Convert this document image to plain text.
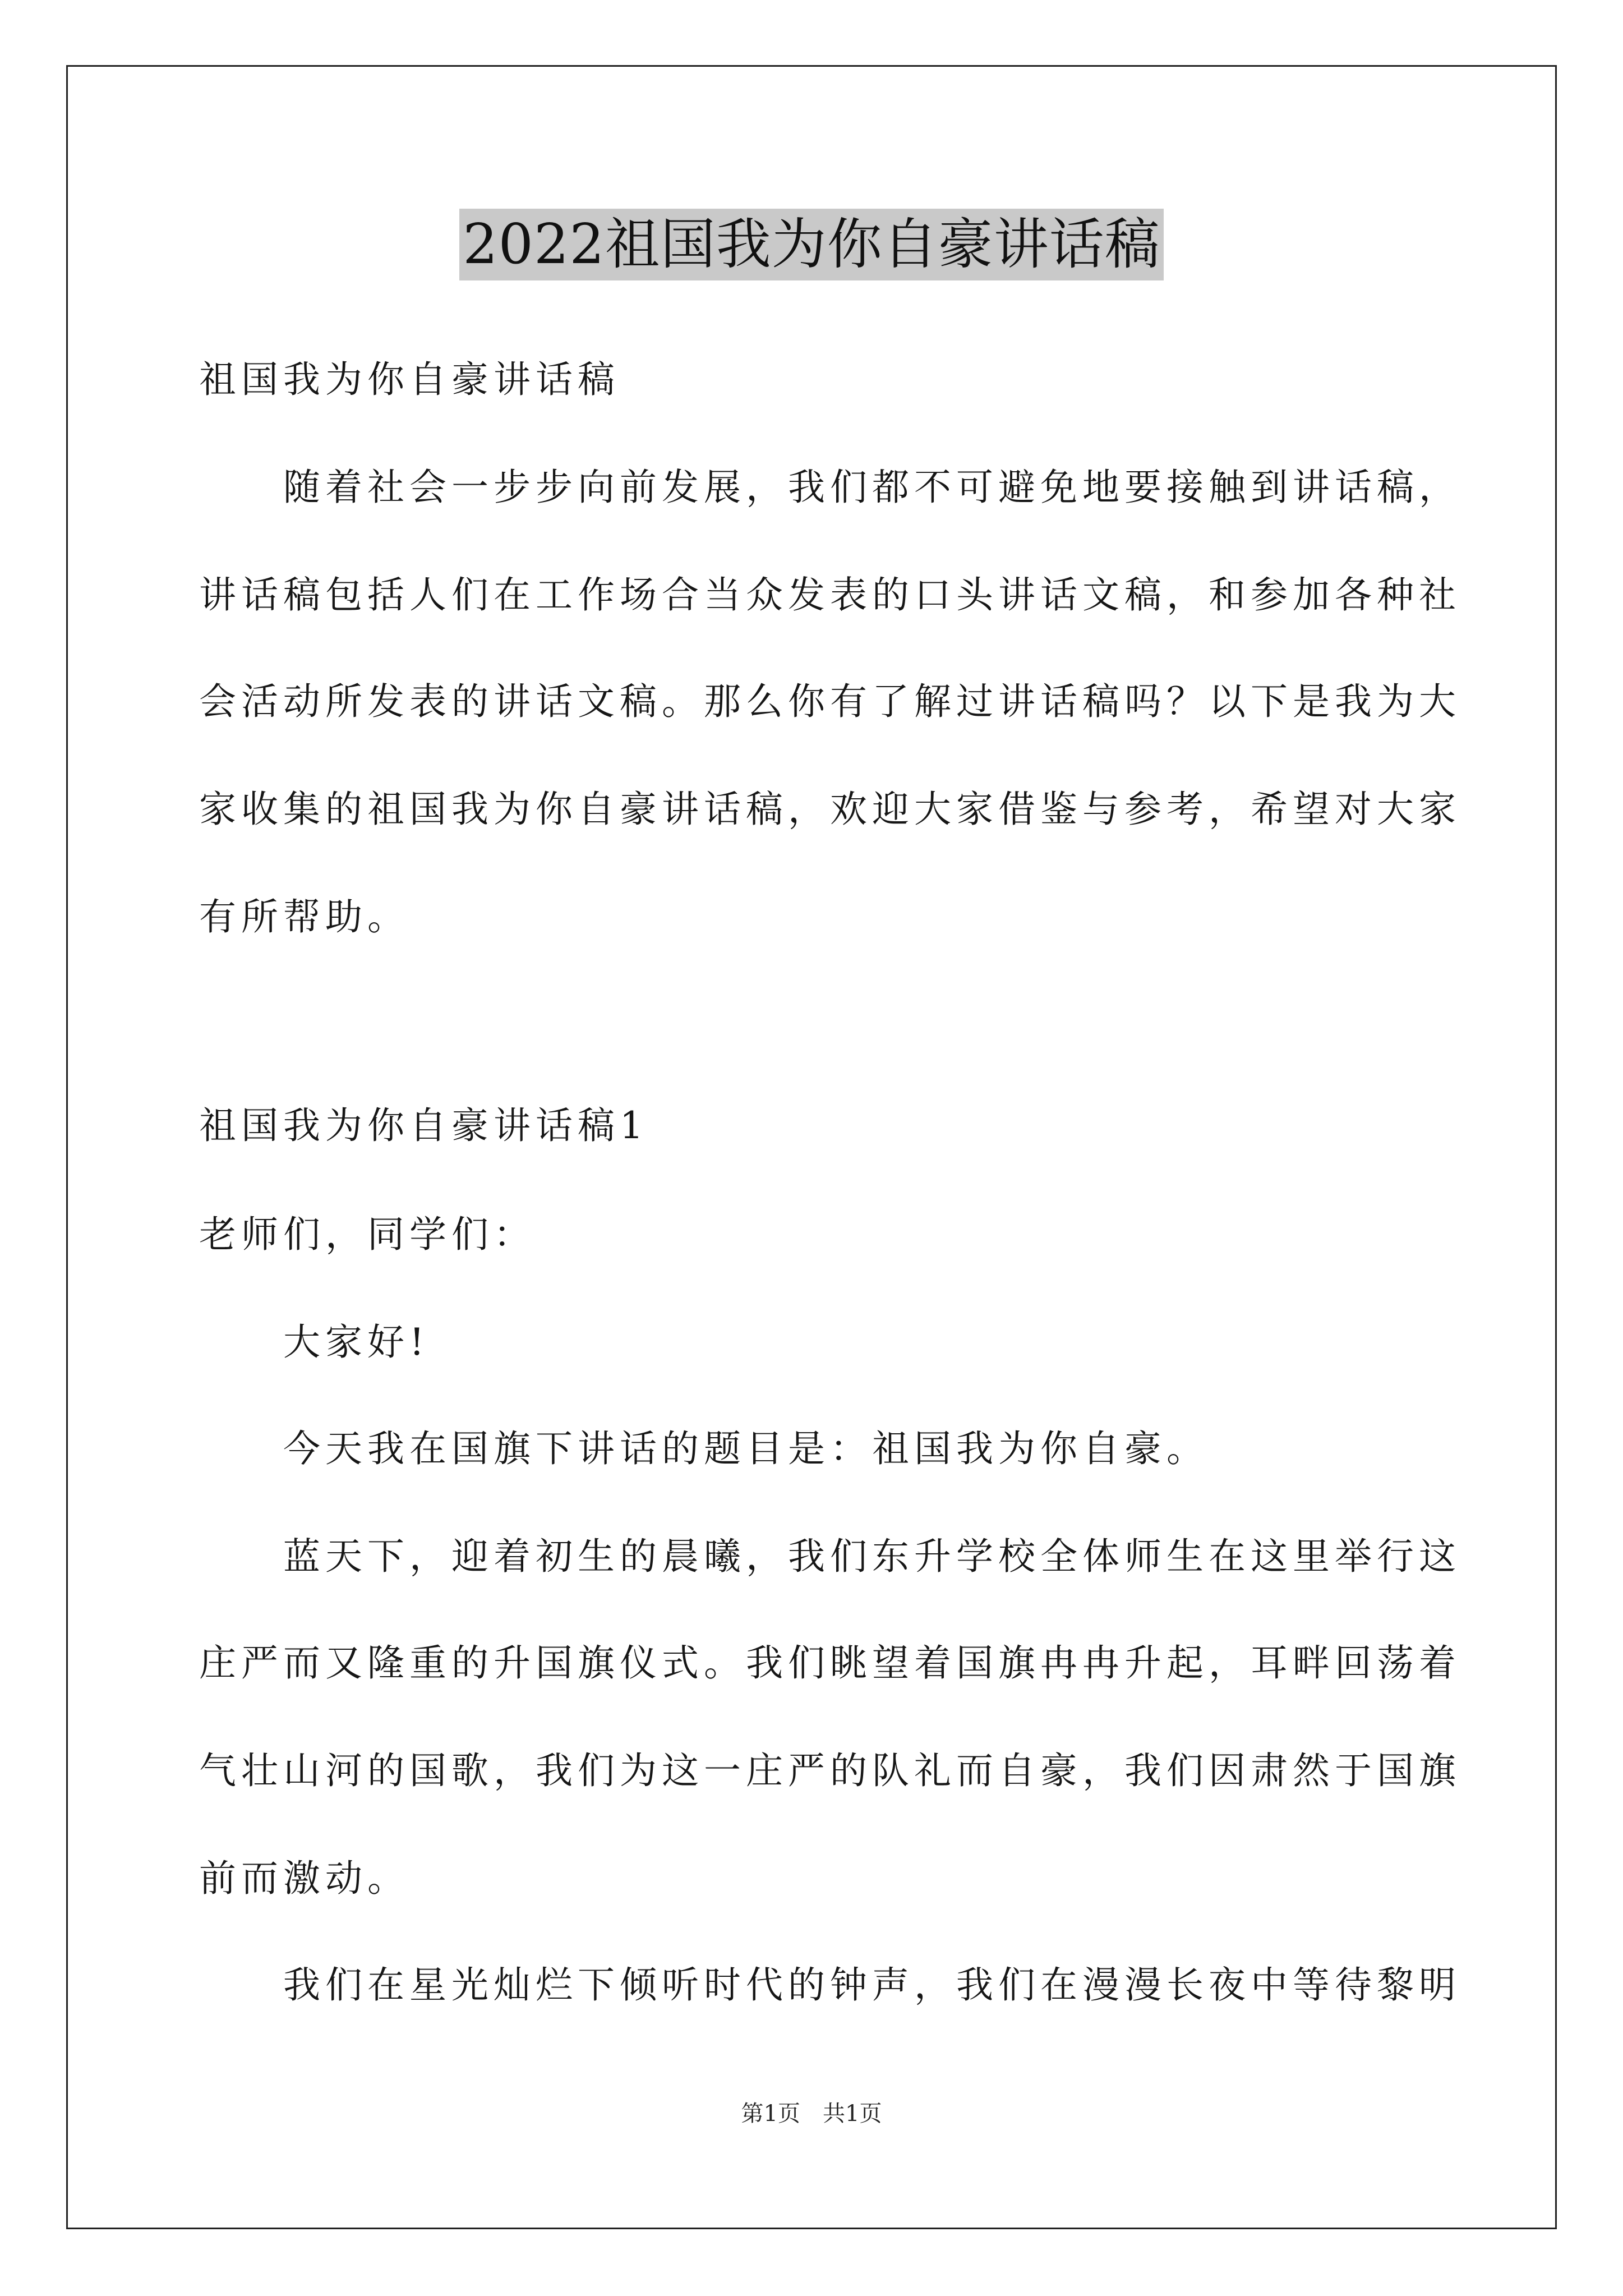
2022祖国我为你自豪讲话稿
祖国我为你自豪讲话稿
随着社会一步步向前发展，我们都不可避免地要接触到讲话稿，
讲话稿包括人们在工作场合当众发表的口头讲话文稿，和参加各种社
会活动所发表的讲话文稿。那么你有了解过讲话稿吗？以下是我为大
家收集的祖国我为你自豪讲话稿，欢迎大家借鉴与参考，希望对大家
有所帮助。
祖国我为你自豪讲话稿1
老师们，同学们：
大家好!
今天我在国旗下讲话的题目是：祖国我为你自豪。
蓝天下，迎着初生的晨曦，我们东升学校全体师生在这里举行这
庄严而又隆重的升国旗仪式。我们眺望着国旗冉冉升起，耳畔回荡着
气壮山河的国歌，我们为这一庄严的队礼而自豪，我们因肃然于国旗
前而激动。
我们在星光灿烂下倾听时代的钟声，我们在漫漫长夜中等待黎明
第1页　共1页
